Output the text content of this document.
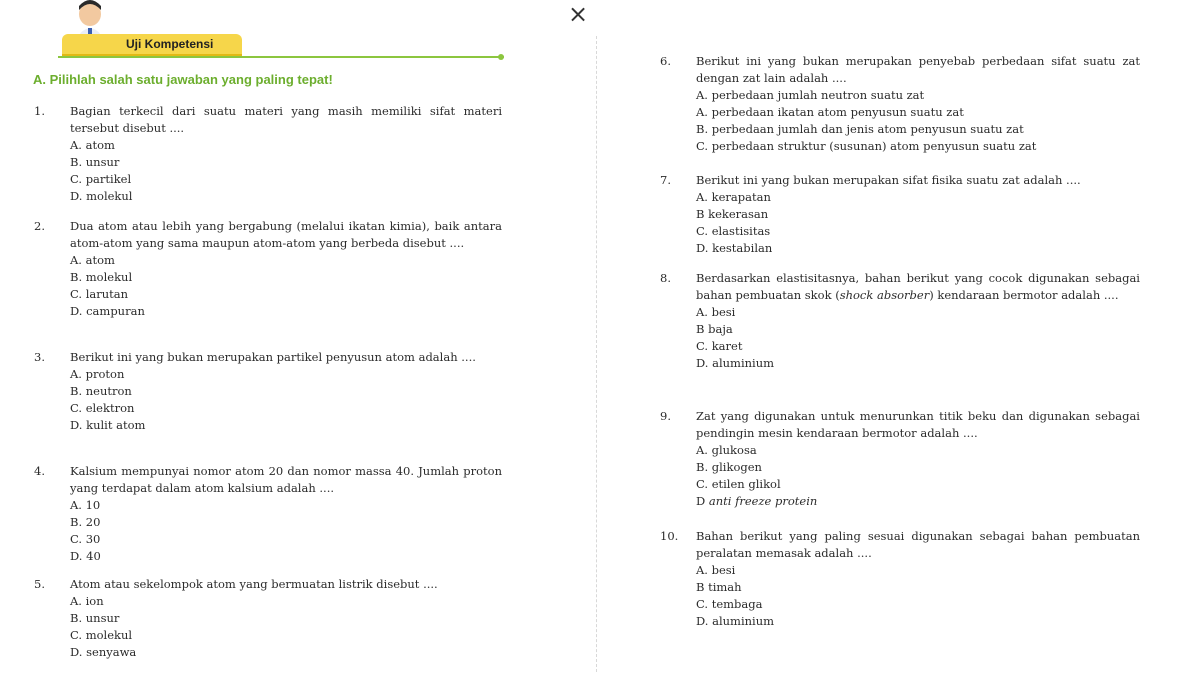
×
Uji Kompetensi
A. Pilihlah salah satu jawaban yang paling tepat!
1. Bagian terkecil dari suatu materi yang masih memiliki sifat materi tersebut disebut ....
A. atom
B. unsur
C. partikel
D. molekul
2. Dua atom atau lebih yang bergabung (melalui ikatan kimia), baik antara atom-atom yang sama maupun atom-atom yang berbeda disebut ....
A. atom
B. molekul
C. larutan
D. campuran
3. Berikut ini yang bukan merupakan partikel penyusun atom adalah ....
A. proton
B. neutron
C. elektron
D. kulit atom
4. Kalsium mempunyai nomor atom 20 dan nomor massa 40. Jumlah proton yang terdapat dalam atom kalsium adalah ....
A. 10
B. 20
C. 30
D. 40
5. Atom atau sekelompok atom yang bermuatan listrik disebut ....
A. ion
B. unsur
C. molekul
D. senyawa
6. Berikut ini yang bukan merupakan penyebab perbedaan sifat suatu zat dengan zat lain adalah ....
A. perbedaan jumlah neutron suatu zat
A. perbedaan ikatan atom penyusun suatu zat
B. perbedaan jumlah dan jenis atom penyusun suatu zat
C. perbedaan struktur (susunan) atom penyusun suatu zat
7. Berikut ini yang bukan merupakan sifat fisika suatu zat adalah ....
A. kerapatan
B kekerasan
C. elastisitas
D. kestabilan
8. Berdasarkan elastisitasnya, bahan berikut yang cocok digunakan sebagai bahan pembuatan skok (shock absorber) kendaraan bermotor adalah ....
A. besi
B baja
C. karet
D. aluminium
9. Zat yang digunakan untuk menurunkan titik beku dan digunakan sebagai pendingin mesin kendaraan bermotor adalah ....
A. glukosa
B. glikogen
C. etilen glikol
D anti freeze protein
10. Bahan berikut yang paling sesuai digunakan sebagai bahan pembuatan peralatan memasak adalah ....
A. besi
B timah
C. tembaga
D. aluminium
